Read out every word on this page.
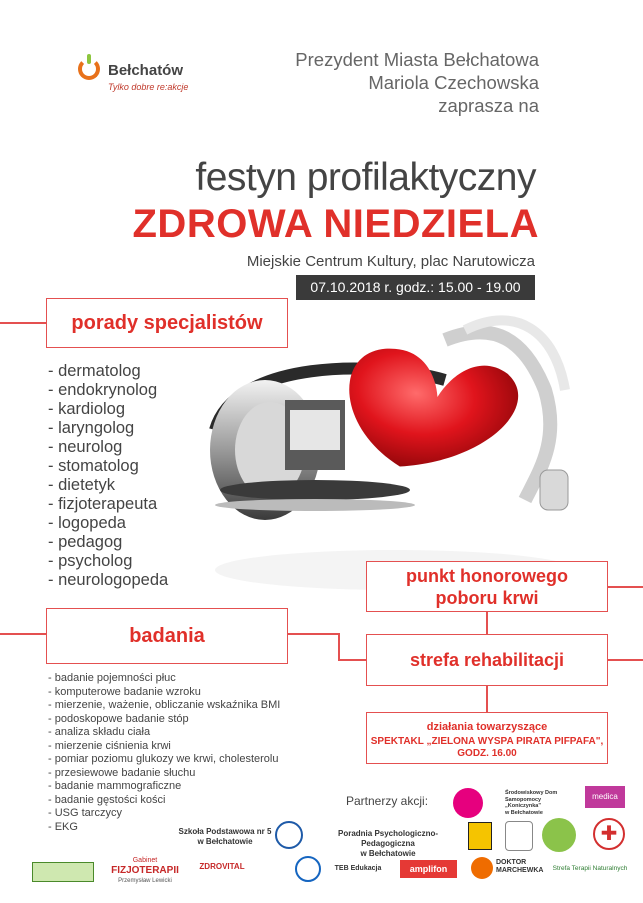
Bełchatów
Tylko dobre re:akcje
Prezydent Miasta Bełchatowa
Mariola Czechowska
zaprasza na
festyn profilaktyczny
ZDROWA NIEDZIELA
Miejskie Centrum Kultury, plac Narutowicza
07.10.2018 r. godz.: 15.00 - 19.00
porady specjalistów
badania
punkt honorowego
poboru krwi
strefa rehabilitacji
działania towarzyszące
SPEKTAKL „ZIELONA WYSPA PIRATA PIFPAFA",
GODZ. 16.00
- dermatolog
- endokrynolog
- kardiolog
- laryngolog
- neurolog
- stomatolog
- dietetyk
- fizjoterapeuta
- logopeda
- pedagog
- psycholog
- neurologopeda
- badanie pojemności płuc
- komputerowe badanie wzroku
- mierzenie, ważenie, obliczanie wskaźnika BMI
- podoskopowe badanie stóp
- analiza składu ciała
- mierzenie ciśnienia krwi
- pomiar poziomu glukozy we krwi, cholesterolu
- przesiewowe badanie słuchu
- badanie mammograficzne
- badanie gęstości kości
- USG tarczycy
- EKG
Partnerzy akcji:
Środowiskowy Dom
Samopomocy „Koniczynka"
w Bełchatowie
medica
Szkoła Podstawowa nr 5
w Bełchatowie
Poradnia Psychologiczno-Pedagogiczna
w Bełchatowie
✚
Gabinet
FIZJOTERAPII
Przemysław Lewicki
ZDROVITAL	TEB Edukacja	amplifon
DOKTOR
MARCHEWKA	Strefa Terapii Naturalnych
